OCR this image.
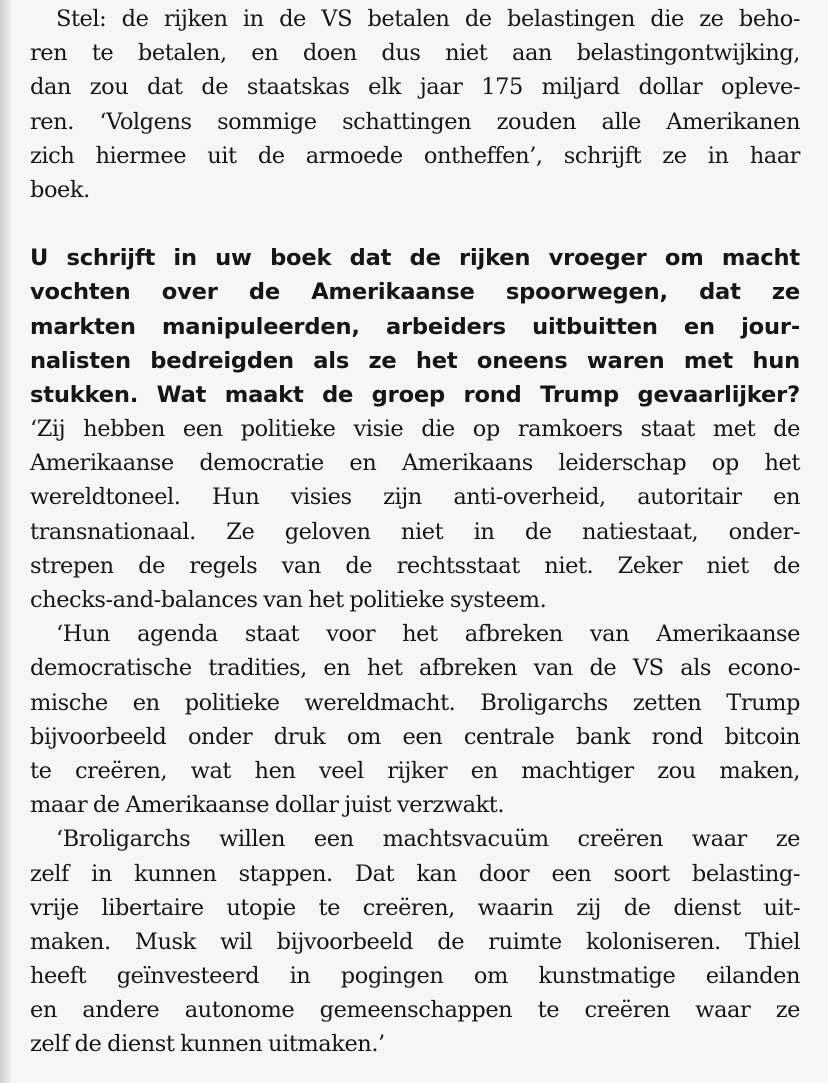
Stel: de rijken in de VS betalen de belastingen die ze beho-
ren te betalen, en doen dus niet aan belastingontwijking,
dan zou dat de staatskas elk jaar 175 miljard dollar opleve-
ren. ‘Volgens sommige schattingen zouden alle Amerikanen
zich hiermee uit de armoede ontheffen’, schrijft ze in haar
boek.
U schrijft in uw boek dat de rijken vroeger om macht
vochten over de Amerikaanse spoorwegen, dat ze
markten manipuleerden, arbeiders uitbuitten en jour-
nalisten bedreigden als ze het oneens waren met hun
stukken. Wat maakt de groep rond Trump gevaarlijker?
‘Zij hebben een politieke visie die op ramkoers staat met de
Amerikaanse democratie en Amerikaans leiderschap op het
wereldtoneel. Hun visies zijn anti-overheid, autoritair en
transnationaal. Ze geloven niet in de natiestaat, onder-
strepen de regels van de rechtsstaat niet. Zeker niet de
checks-and-balances van het politieke systeem.
‘Hun agenda staat voor het afbreken van Amerikaanse
democratische tradities, en het afbreken van de VS als econo-
mische en politieke wereldmacht. Broligarchs zetten Trump
bijvoorbeeld onder druk om een centrale bank rond bitcoin
te creëren, wat hen veel rijker en machtiger zou maken,
maar de Amerikaanse dollar juist verzwakt.
‘Broligarchs willen een machtsvacuüm creëren waar ze
zelf in kunnen stappen. Dat kan door een soort belasting-
vrije libertaire utopie te creëren, waarin zij de dienst uit-
maken. Musk wil bijvoorbeeld de ruimte koloniseren. Thiel
heeft geïnvesteerd in pogingen om kunstmatige eilanden
en andere autonome gemeenschappen te creëren waar ze
zelf de dienst kunnen uitmaken.’
